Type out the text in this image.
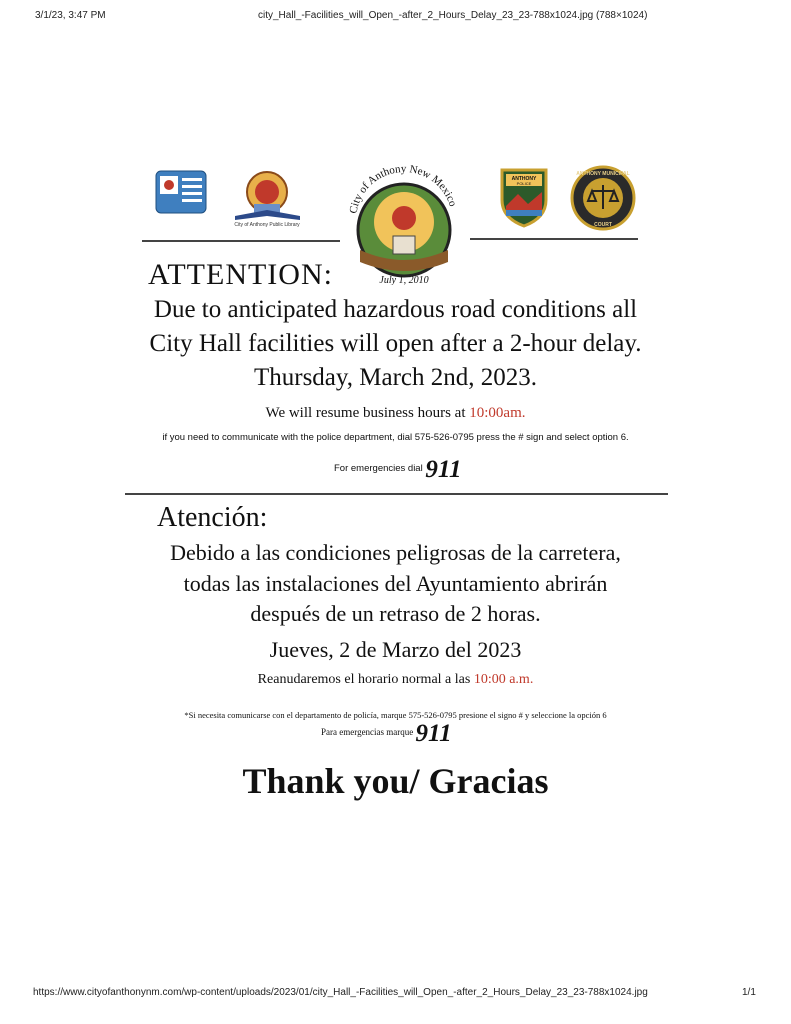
3/1/23, 3:47 PM	city_Hall_-Facilities_will_Open_-after_2_Hours_Delay_23_23-788x1024.jpg (788×1024)
https://www.cityofanthonynm.com/wp-content/uploads/2023/01/city_Hall_-Facilities_will_Open_-after_2_Hours_Delay_23_23-788x1024.jpg	1/1
City of Anthony Public Library
City of Anthony New Mexico
July 1, 2010
ANTHONY
POLICE
ANTHONY MUNICIPAL
COURT
ATTENTION:
Due to anticipated hazardous road conditions all
City Hall facilities will open after a 2-hour delay.
Thursday, March 2nd, 2023.
We will resume business hours at 10:00am.
if you need to communicate with the police department, dial 575-526-0795 press the # sign and select option 6.
$^{For emergencies dial}$ 911
Atención:
Debido a las condiciones peligrosas de la carretera,
todas las instalaciones del Ayuntamiento abrirán
después de un retraso de 2 horas.
Jueves, 2 de Marzo del 2023
Reanudaremos el horario normal a las 10:00 a.m.
*Si necesita comunicarse con el departamento de policía, marque 575-526-0795 presione el signo # y seleccione la opción 6
$^{Para emergencias marque}$ 911
Thank you/ Gracias
